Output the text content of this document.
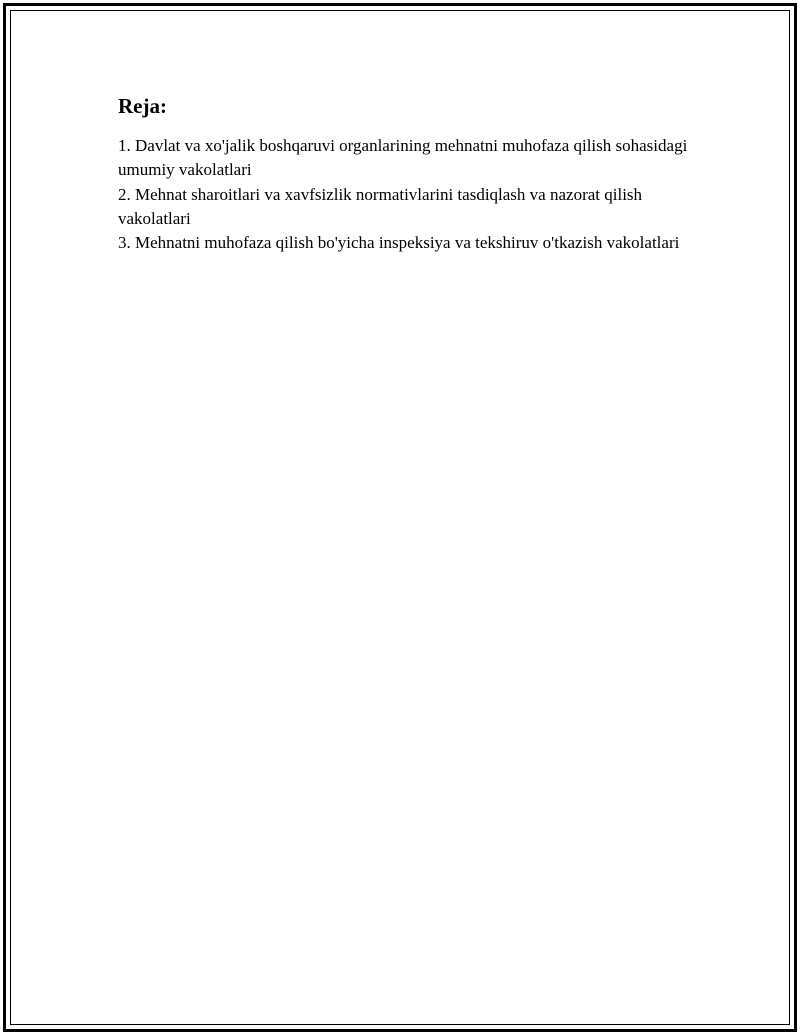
Reja:
1. Davlat va xo'jalik boshqaruvi organlarining mehnatni muhofaza qilish sohasidagi umumiy vakolatlari
2. Mehnat sharoitlari va xavfsizlik normativlarini tasdiqlash va nazorat qilish vakolatlari
3. Mehnatni muhofaza qilish bo'yicha inspeksiya va tekshiruv o'tkazish vakolatlari
